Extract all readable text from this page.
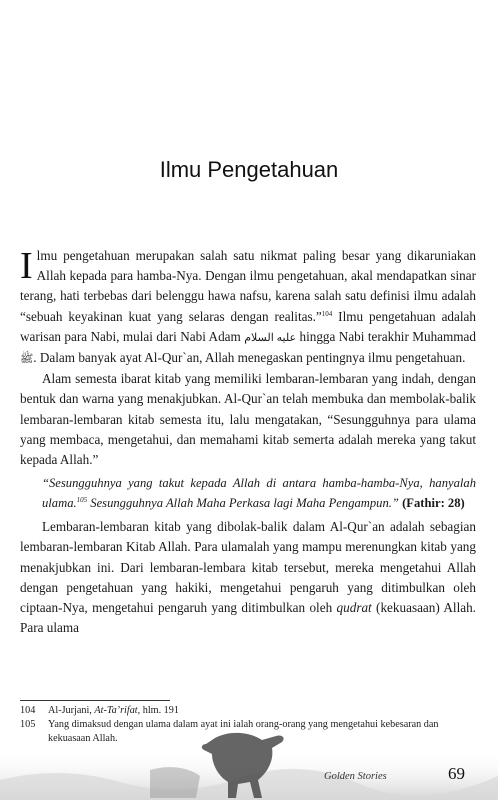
Ilmu Pengetahuan

Ilmu pengetahuan merupakan salah satu nikmat paling besar yang dikaruniakan Allah kepada para hamba-Nya. Dengan ilmu pengetahuan, akal mendapatkan sinar terang, hati terbebas dari belenggu hawa nafsu, karena salah satu definisi ilmu adalah “sebuah keyakinan kuat yang selaras dengan realitas.”$^{104}$ Ilmu pengetahuan adalah warisan para Nabi, mulai dari Nabi Adam عليه السلام hingga Nabi terakhir Muhammad ﷺ. Dalam banyak ayat Al-Qur`an, Allah menegaskan pentingnya ilmu pengetahuan.

Alam semesta ibarat kitab yang memiliki lembaran-lembaran yang indah, dengan bentuk dan warna yang menakjubkan. Al-Qur`an telah membuka dan membolak-balik lembaran-lembaran kitab semesta itu, lalu mengatakan, “Sesungguhnya para ulama yang membaca, mengetahui, dan memahami kitab semerta adalah mereka yang takut kepada Allah.”

“Sesungguhnya yang takut kepada Allah di antara hamba-hamba-Nya, hanyalah ulama.$^{105}$ Sesungguhnya Allah Maha Perkasa lagi Maha Pengampun.” (Fathir: 28)

Lembaran-lembaran kitab yang dibolak-balik dalam Al-Qur`an adalah sebagian lembaran-lembaran Kitab Allah. Para ulamalah yang mampu merenungkan kitab yang menakjubkan ini. Dari lembaran-lembara kitab tersebut, mereka mengetahui Allah dengan pengetahuan yang hakiki, mengetahui pengaruh yang ditimbulkan oleh ciptaan-Nya, mengetahui pengaruh yang ditimbulkan oleh qudrat (kekuasaan) Allah. Para ulama

104	Al-Jurjani, At-Ta’rifat, hlm. 191
105	Yang dimaksud dengan ulama dalam ayat ini ialah orang-orang yang mengetahui kebesaran dan kekuasaan Allah.
Golden Stories	69
